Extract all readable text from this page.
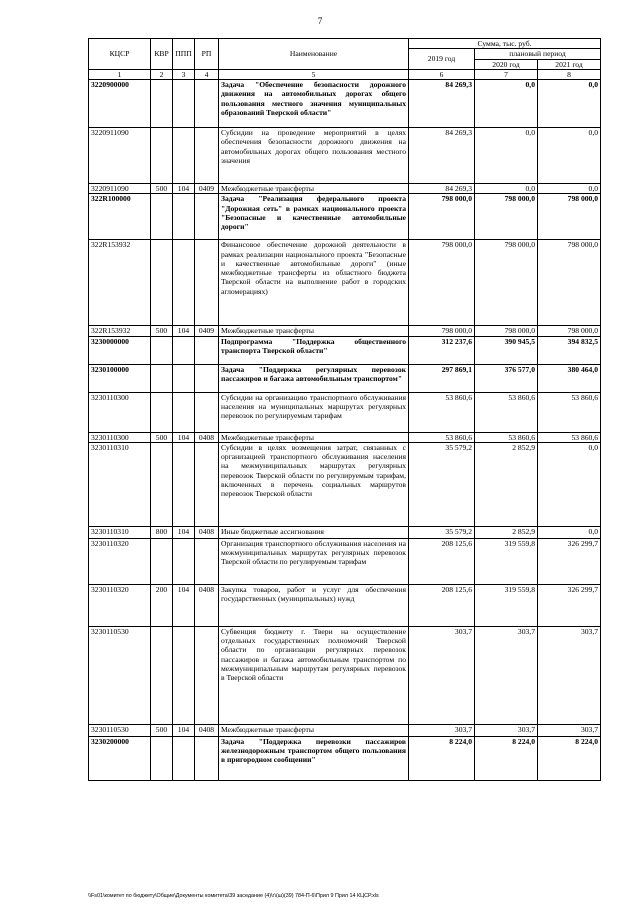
7
КЦСР	КВР	ППП	РП	Наименование	Сумма, тыс. руб.		
					2019 год	плановый период	
						2020 год	2021 год
1	2	3	4	5	6	7	8
3220900000				Задача "Обеспечение безопасности дорожного движения на автомобильных дорогах общего пользования местного значения муниципальных образований Тверской области"	84 269,3	0,0	0,0
3220911090				Субсидии на проведение мероприятий в целях обеспечения безопасности дорожного движения на автомобильных дорогах общего пользования местного значения	84 269,3	0,0	0,0
3220911090	500	104	0409	Межбюджетные трансферты	84 269,3	0,0	0,0
322R100000				Задача "Реализация федерального проекта "Дорожная сеть" в рамках национального проекта "Безопасные и качественные автомобильные дороги"	798 000,0	798 000,0	798 000,0
322R153932				Финансовое обеспечение дорожной деятельности в рамках реализации национального проекта "Безопасные и качественные автомобильные дороги" (иные межбюджетные трансферты из областного бюджета Тверской области на выполнение работ в городских агломерациях)	798 000,0	798 000,0	798 000,0
322R153932	500	104	0409	Межбюджетные трансферты	798 000,0	798 000,0	798 000,0
3230000000				Подпрограмма "Поддержка общественного транспорта Тверской области"	312 237,6	390 945,5	394 832,5
3230100000				Задача "Поддержка регулярных перевозок пассажиров и багажа автомобильным транспортом"	297 869,1	376 577,0	380 464,0
3230110300				Субсидии на организацию транспортного обслуживания населения на муниципальных маршрутах регулярных перевозок по регулируемым тарифам	53 860,6	53 860,6	53 860,6
3230110300	500	104	0408	Межбюджетные трансферты	53 860,6	53 860,6	53 860,6
3230110310				Субсидии в целях возмещения затрат, связанных с организацией транспортного обслуживания населения на межмуниципальных маршрутах регулярных перевозок Тверской области по регулируемым тарифам, включенных в перечень социальных маршрутов перевозок Тверской области	35 579,2	2 852,9	0,0
3230110310	800	104	0408	Иные бюджетные ассигнования	35 579,2	2 852,9	0,0
3230110320				Организация транспортного обслуживания населения на межмуниципальных маршрутах регулярных перевозок Тверской области по регулируемым тарифам	208 125,6	319 559,8	326 299,7
3230110320	200	104	0408	Закупка товаров, работ и услуг для обеспечения государственных (муниципальных) нужд	208 125,6	319 559,8	326 299,7
3230110530				Субвенция бюджету г. Твери на осуществление отдельных государственных полномочий Тверской области по организации регулярных перевозок пассажиров и багажа автомобильным транспортом по межмуниципальным маршрутам регулярных перевозок в Тверской области	303,7	303,7	303,7
3230110530	500	104	0408	Межбюджетные трансферты	303,7	303,7	303,7
3230200000				Задача "Поддержка перевозки пассажиров железнодорожным транспортом общего пользования в пригородном сообщении"	8 224,0	8 224,0	8 224,0
\\Fs01\комитет по бюджету\Общие\Документы комитета\39 заседание (4)\г\(ш)(39) 784-П-6\Прил 9 Прил 14 КЦСР.xls
